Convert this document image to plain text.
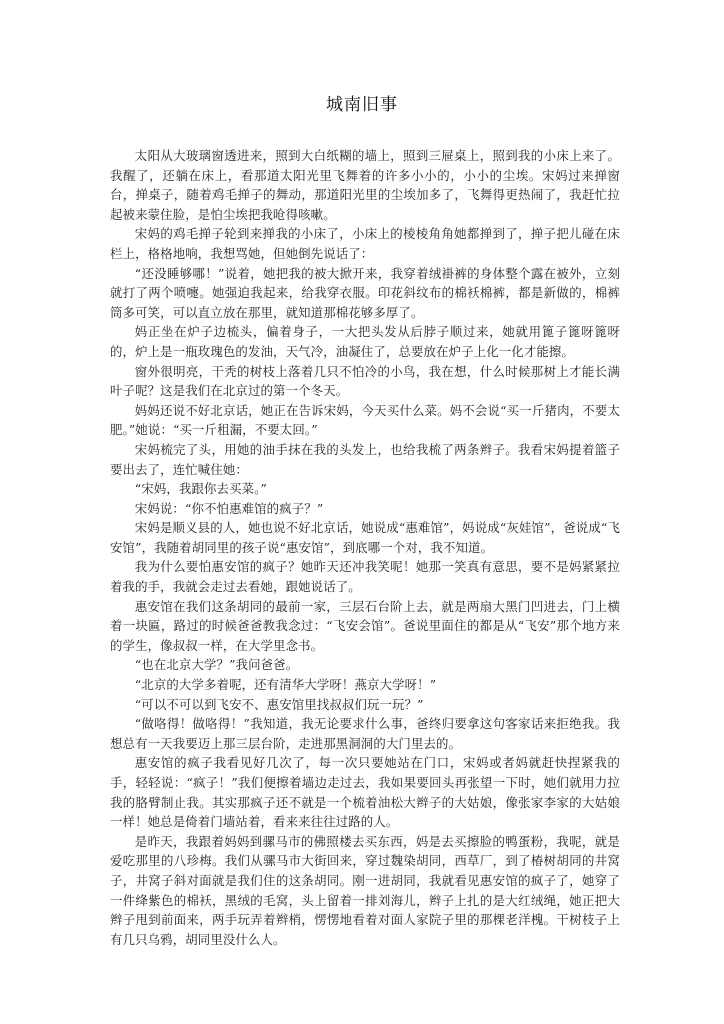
城南旧事

太阳从大玻璃窗透进来，照到大白纸糊的墙上，照到三屉桌上，照到我的小床上来了。我醒了，还躺在床上，看那道太阳光里飞舞着的许多小小的，小小的尘埃。宋妈过来掸窗台，掸桌子，随着鸡毛掸子的舞动，那道阳光里的尘埃加多了，飞舞得更热闹了，我赶忙拉起被来蒙住脸，是怕尘埃把我呛得咳嗽。

宋妈的鸡毛掸子轮到来掸我的小床了，小床上的棱棱角角她都掸到了，掸子把儿碰在床栏上，格格地响，我想骂她，但她倒先说话了：

“还没睡够哪！”说着，她把我的被大掀开来，我穿着绒褂裤的身体整个露在被外，立刻就打了两个喷嚏。她强迫我起来，给我穿衣服。印花斜纹布的棉袄棉裤，都是新做的，棉裤筒多可笑，可以直立放在那里，就知道那棉花够多厚了。

妈正坐在炉子边梳头，偏着身子，一大把头发从后脖子顺过来，她就用篦子篦呀篦呀的，炉上是一瓶玫瑰色的发油，天气冷，油凝住了，总要放在炉子上化一化才能擦。

窗外很明亮，干秃的树枝上落着几只不怕冷的小鸟，我在想，什么时候那树上才能长满叶子呢？这是我们在北京过的第一个冬天。

妈妈还说不好北京话，她正在告诉宋妈，今天买什么菜。妈不会说“买一斤猪肉，不要太肥。”她说：“买一斤租漏，不要太回。”

宋妈梳完了头，用她的油手抹在我的头发上，也给我梳了两条辫子。我看宋妈提着篮子要出去了，连忙喊住她：

“宋妈，我跟你去买菜。”

宋妈说：“你不怕惠难馆的疯子？”

宋妈是顺义县的人，她也说不好北京话，她说成“惠难馆”，妈说成“灰娃馆”，爸说成“飞安馆”，我随着胡同里的孩子说“惠安馆”，到底哪一个对，我不知道。

我为什么要怕惠安馆的疯子？她昨天还冲我笑呢！她那一笑真有意思，要不是妈紧紧拉着我的手，我就会走过去看她，跟她说话了。

惠安馆在我们这条胡同的最前一家，三层石台阶上去，就是两扇大黑门凹进去，门上横着一块匾，路过的时候爸爸教我念过：“飞安会馆”。爸说里面住的都是从“飞安”那个地方来的学生，像叔叔一样，在大学里念书。

“也在北京大学？”我问爸爸。

“北京的大学多着呢，还有清华大学呀！燕京大学呀！”

“可以不可以到飞安不、惠安馆里找叔叔们玩一玩？”

“做咯得！做咯得！”我知道，我无论要求什么事，爸终归要拿这句客家话来拒绝我。我想总有一天我要迈上那三层台阶，走进那黑洞洞的大门里去的。

惠安馆的疯子我看见好几次了，每一次只要她站在门口，宋妈或者妈就赶快捏紧我的手，轻轻说：“疯子！”我们便擦着墙边走过去，我如果要回头再张望一下时，她们就用力拉我的胳臂制止我。其实那疯子还不就是一个梳着油松大辫子的大姑娘，像张家李家的大姑娘一样！她总是倚着门墙站着，看来来往往过路的人。

是昨天，我跟着妈妈到骡马市的佛照楼去买东西，妈是去买擦脸的鸭蛋粉，我呢，就是爱吃那里的八珍梅。我们从骡马市大街回来，穿过魏染胡同，西草厂，到了椿树胡同的井窝子，井窝子斜对面就是我们住的这条胡同。刚一进胡同，我就看见惠安馆的疯子了，她穿了一件绛紫色的棉袄，黑绒的毛窝，头上留着一排刘海儿，辫子上扎的是大红绒绳，她正把大辫子甩到前面来，两手玩弄着辫梢，愣愣地看着对面人家院子里的那棵老洋槐。干树枝子上有几只乌鸦，胡同里没什么人。
